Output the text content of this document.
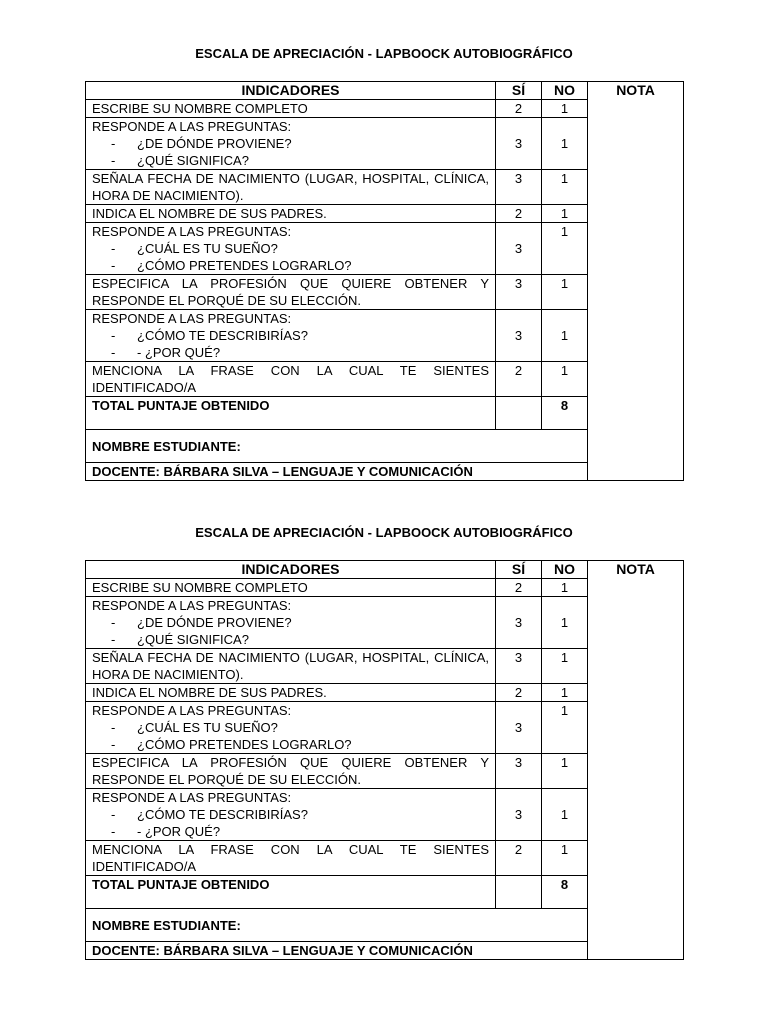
ESCALA DE APRECIACIÓN - LAPBOOCK AUTOBIOGRÁFICO

INDICADORES	SÍ	NO	NOTA
ESCRIBE SU NOMBRE COMPLETO	2	1	

RESPONDE A LAS PREGUNTAS:
- ¿DE DÓNDE PROVIENE?
- ¿QUÉ SIGNIFICA?	3	1	
SEÑALA FECHA DE NACIMIENTO (LUGAR, HOSPITAL, CLÍNICA, HORA DE NACIMIENTO).	3	1	
INDICA EL NOMBRE DE SUS PADRES.	2	1	

RESPONDE A LAS PREGUNTAS:
- ¿CUÁL ES TU SUEÑO?
- ¿CÓMO PRETENDES LOGRARLO?	3	1	
ESPECIFICA LA PROFESIÓN QUE QUIERE OBTENER Y RESPONDE EL PORQUÉ DE SU ELECCIÓN.	3	1	

RESPONDE A LAS PREGUNTAS:
- ¿CÓMO TE DESCRIBIRÍAS?
- - ¿POR QUÉ?	3	1	
MENCIONA LA FRASE CON LA CUAL TE SIENTES IDENTIFICADO/A	2	1	
TOTAL PUNTAJE OBTENIDO		8	
NOMBRE ESTUDIANTE:			
DOCENTE: BÁRBARA SILVA – LENGUAJE Y COMUNICACIÓN			

ESCALA DE APRECIACIÓN - LAPBOOCK AUTOBIOGRÁFICO

INDICADORES	SÍ	NO	NOTA
ESCRIBE SU NOMBRE COMPLETO	2	1	

RESPONDE A LAS PREGUNTAS:
- ¿DE DÓNDE PROVIENE?
- ¿QUÉ SIGNIFICA?	3	1	
SEÑALA FECHA DE NACIMIENTO (LUGAR, HOSPITAL, CLÍNICA, HORA DE NACIMIENTO).	3	1	
INDICA EL NOMBRE DE SUS PADRES.	2	1	

RESPONDE A LAS PREGUNTAS:
- ¿CUÁL ES TU SUEÑO?
- ¿CÓMO PRETENDES LOGRARLO?	3	1	
ESPECIFICA LA PROFESIÓN QUE QUIERE OBTENER Y RESPONDE EL PORQUÉ DE SU ELECCIÓN.	3	1	

RESPONDE A LAS PREGUNTAS:
- ¿CÓMO TE DESCRIBIRÍAS?
- - ¿POR QUÉ?	3	1	
MENCIONA LA FRASE CON LA CUAL TE SIENTES IDENTIFICADO/A	2	1	
TOTAL PUNTAJE OBTENIDO		8	
NOMBRE ESTUDIANTE:			
DOCENTE: BÁRBARA SILVA – LENGUAJE Y COMUNICACIÓN			
